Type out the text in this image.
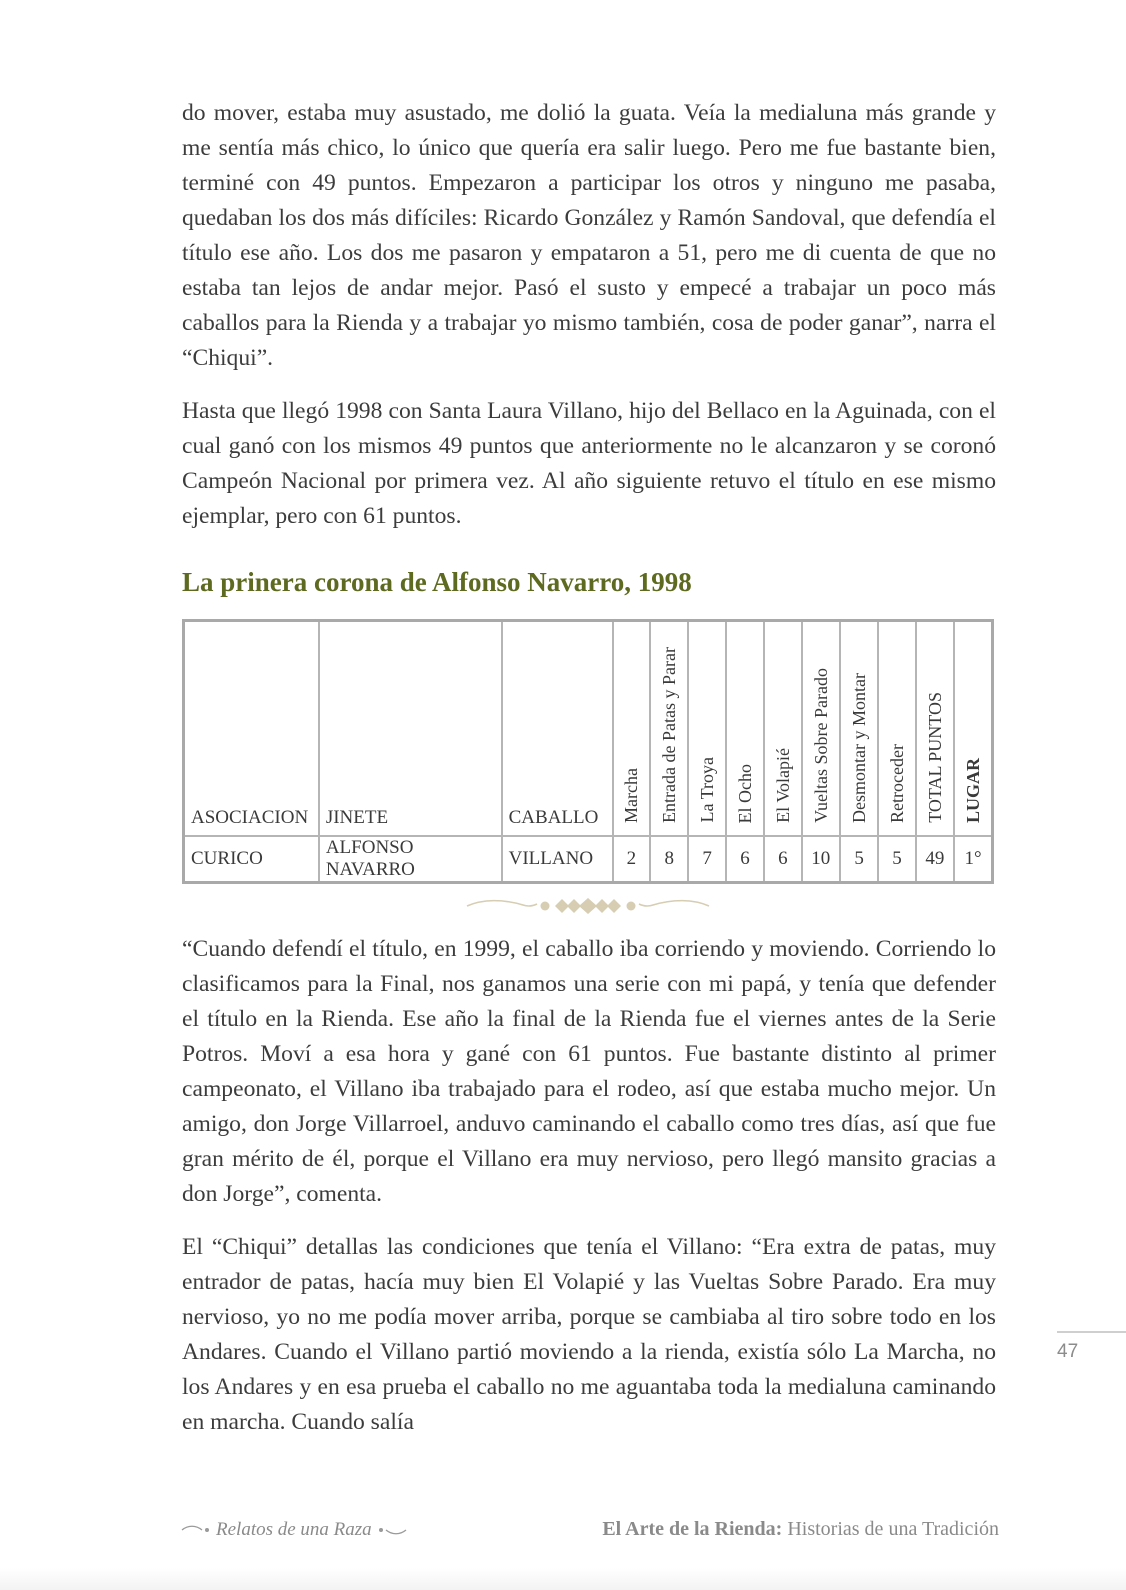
do mover, estaba muy asustado, me dolió la guata. Veía la medialuna más grande y me sentía más chico, lo único que quería era salir luego. Pero me fue bastante bien, terminé con 49 puntos. Empezaron a participar los otros y ninguno me pasaba, quedaban los dos más difíciles: Ricardo González y Ramón Sandoval, que defendía el título ese año. Los dos me pasaron y empataron a 51, pero me di cuenta de que no estaba tan lejos de andar mejor. Pasó el susto y empecé a trabajar un poco más caballos para la Rienda y a trabajar yo mismo también, cosa de poder ganar”, narra el “Chiqui”.

Hasta que llegó 1998 con Santa Laura Villano, hijo del Bellaco en la Aguinada, con el cual ganó con los mismos 49 puntos que anteriormente no le alcanzaron y se coronó Campeón Nacional por primera vez. Al año siguiente retuvo el título en ese mismo ejemplar, pero con 61 puntos.

La prinera corona de Alfonso Navarro, 1998
ASOCIACION	JINETE	CABALLO	Marcha	Entrada de Patas y Parar	La Troya	El Ocho	El Volapié	Vueltas Sobre Parado	Desmontar y Montar	Retroceder	TOTAL PUNTOS	LUGAR
CURICO	ALFONSO NAVARRO	VILLANO	2	8	7	6	6	10	5	5	49	1°

“Cuando defendí el título, en 1999, el caballo iba corriendo y moviendo. Corriendo lo clasificamos para la Final, nos ganamos una serie con mi papá, y tenía que defender el título en la Rienda. Ese año la final de la Rienda fue el viernes antes de la Serie Potros. Moví a esa hora y gané con 61 puntos. Fue bastante distinto al primer campeonato, el Villano iba trabajado para el rodeo, así que estaba mucho mejor. Un amigo, don Jorge Villarroel, anduvo caminando el caballo como tres días, así que fue gran mérito de él, porque el Villano era muy nervioso, pero llegó mansito gracias a don Jorge”, comenta.

El “Chiqui” detallas las condiciones que tenía el Villano: “Era extra de patas, muy entrador de patas, hacía muy bien El Volapié y las Vueltas Sobre Parado. Era muy nervioso, yo no me podía mover arriba, porque se cambiaba al tiro sobre todo en los Andares. Cuando el Villano partió moviendo a la rienda, existía sólo La Marcha, no los Andares y en esa prueba el caballo no me aguantaba toda la medialuna caminando en marcha. Cuando salía

47
Relatos de una Raza	El Arte de la Rienda: Historias de una Tradición
